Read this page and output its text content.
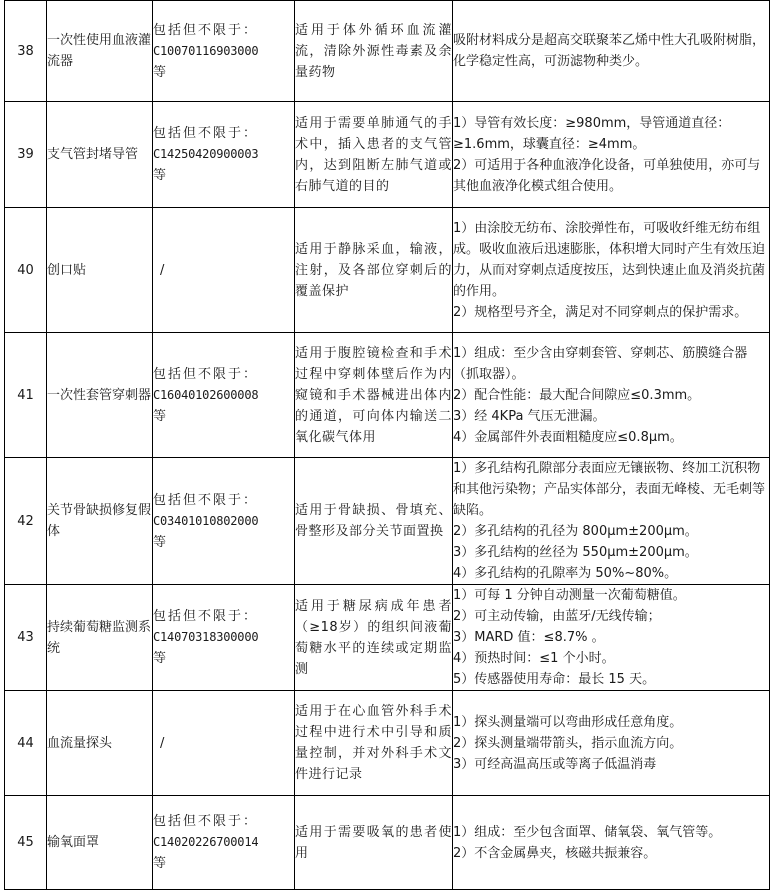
38	一次性使用血液灌流器	包括但不限于：
C10070116903000
等	适用于体外循环血流灌流，清除外源性毒素及余量药物	吸附材料成分是超高交联聚苯乙烯中性大孔吸附树脂，化学稳定性高，可沥滤物种类少。

39	支气管封堵导管	包括但不限于：
C14250420900003
等	适用于需要单肺通气的手术中，插入患者的支气管内，达到阻断左肺气道或右肺气道的目的	1）导管有效长度：≥980mm，导管通道直径：≥1.6mm，球囊直径：≥4mm。
2）可适用于各种血液净化设备，可单独使用，亦可与其他血液净化模式组合使用。

40	创口贴	/	适用于静脉采血，输液，注射，及各部位穿刺后的覆盖保护	1）由涂胶无纺布、涂胶弹性布，可吸收纤维无纺布组成。吸收血液后迅速膨胀，体积增大同时产生有效压迫力，从而对穿刺点适度按压，达到快速止血及消炎抗菌的作用。
2）规格型号齐全，满足对不同穿刺点的保护需求。

41	一次性套管穿刺器	包括但不限于：
C16040102600008
等	适用于腹腔镜检查和手术过程中穿刺体壁后作为内窥镜和手术器械进出体内的通道，可向体内输送二氧化碳气体用	1）组成：至少含由穿刺套管、穿刺芯、筋膜缝合器（抓取器）。
2）配合性能：最大配合间隙应≤0.3mm。
3）经 4KPa 气压无泄漏。
4）金属部件外表面粗糙度应≤0.8μm。

42	关节骨缺损修复假体	包括但不限于：
C03401010802000
等	适用于骨缺损、骨填充、骨整形及部分关节面置换	1）多孔结构孔隙部分表面应无镶嵌物、终加工沉积物和其他污染物；产品实体部分，表面无峰棱、无毛刺等缺陷。
2）多孔结构的孔径为 800μm±200μm。
3）多孔结构的丝径为 550μm±200μm。
4）多孔结构的孔隙率为 50%~80%。

43	持续葡萄糖监测系统	包括但不限于：
C14070318300000
等	适用于糖尿病成年患者（≥18岁）的组织间液葡萄糖水平的连续或定期监测	1）可每 1 分钟自动测量一次葡萄糖值。
2）可主动传输，由蓝牙/无线传输；
3）MARD 值：≤8.7% 。
4）预热时间：≤1 个小时。
5）传感器使用寿命：最长 15 天。

44	血流量探头	/	适用于在心血管外科手术过程中进行术中引导和质量控制，并对外科手术文件进行记录	1）探头测量端可以弯曲形成任意角度。
2）探头测量端带箭头，指示血流方向。
3）可经高温高压或等离子低温消毒

45	输氧面罩	包括但不限于：
C14020226700014
等	适用于需要吸氧的患者使用	1）组成：至少包含面罩、储氧袋、氧气管等。
2）不含金属鼻夹，核磁共振兼容。
